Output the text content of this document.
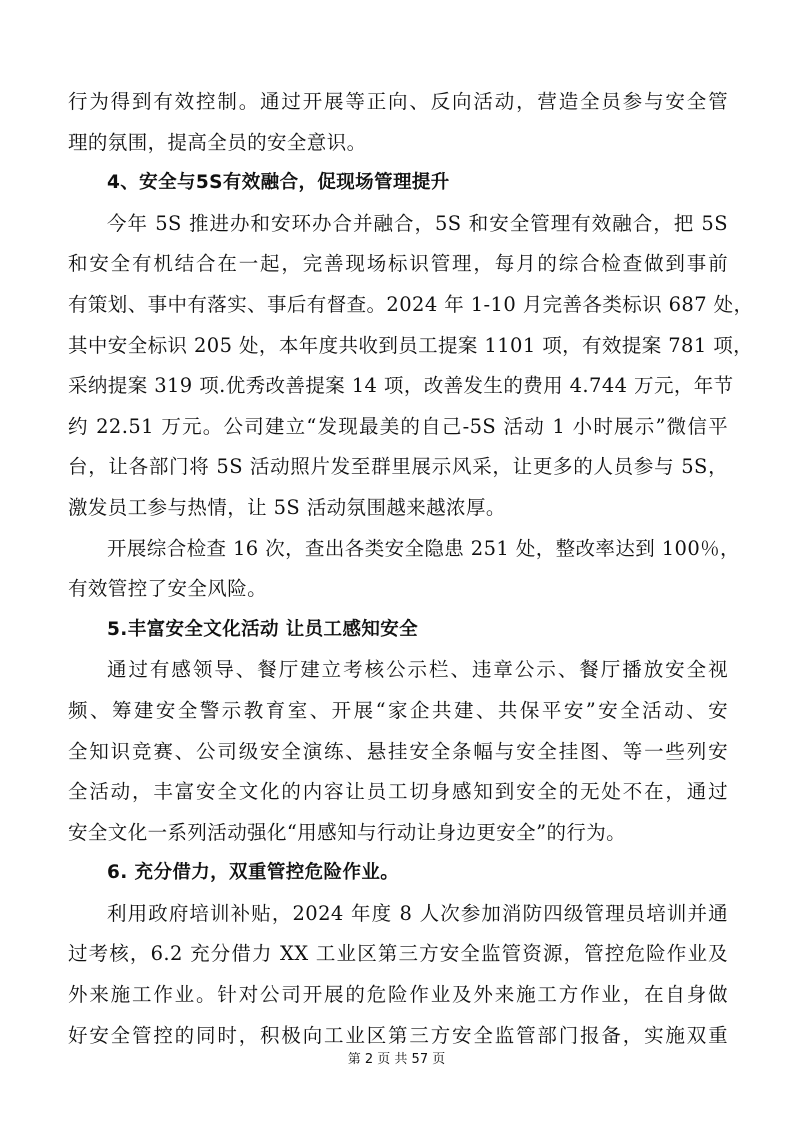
行为得到有效控制。通过开展等正向、反向活动，营造全员参与安全管
理的氛围，提高全员的安全意识。
4、安全与5S有效融合，促现场管理提升
今年 5S 推进办和安环办合并融合，5S 和安全管理有效融合，把 5S
和安全有机结合在一起，完善现场标识管理，每月的综合检查做到事前
有策划、事中有落实、事后有督查。2024 年 1-10 月完善各类标识 687 处，
其中安全标识 205 处，本年度共收到员工提案 1101 项，有效提案 781 项，
采纳提案 319 项.优秀改善提案 14 项，改善发生的费用 4.744 万元，年节
约 22.51 万元。公司建立“发现最美的自己-5S 活动 1 小时展示”微信平
台，让各部门将 5S 活动照片发至群里展示风采，让更多的人员参与 5S，
激发员工参与热情，让 5S 活动氛围越来越浓厚。
开展综合检查 16 次，查出各类安全隐患 251 处，整改率达到 100％，
有效管控了安全风险。
5.丰富安全文化活动 让员工感知安全
通过有感领导、餐厅建立考核公示栏、违章公示、餐厅播放安全视
频、筹建安全警示教育室、开展“家企共建、共保平安”安全活动、安
全知识竞赛、公司级安全演练、悬挂安全条幅与安全挂图、等一些列安
全活动，丰富安全文化的内容让员工切身感知到安全的无处不在，通过
安全文化一系列活动强化“用感知与行动让身边更安全”的行为。
6. 充分借力，双重管控危险作业。
利用政府培训补贴，2024 年度 8 人次参加消防四级管理员培训并通
过考核，6.2 充分借力 XX 工业区第三方安全监管资源，管控危险作业及
外来施工作业。针对公司开展的危险作业及外来施工方作业，在自身做
好安全管控的同时，积极向工业区第三方安全监管部门报备，实施双重
第 2 页 共 57 页
